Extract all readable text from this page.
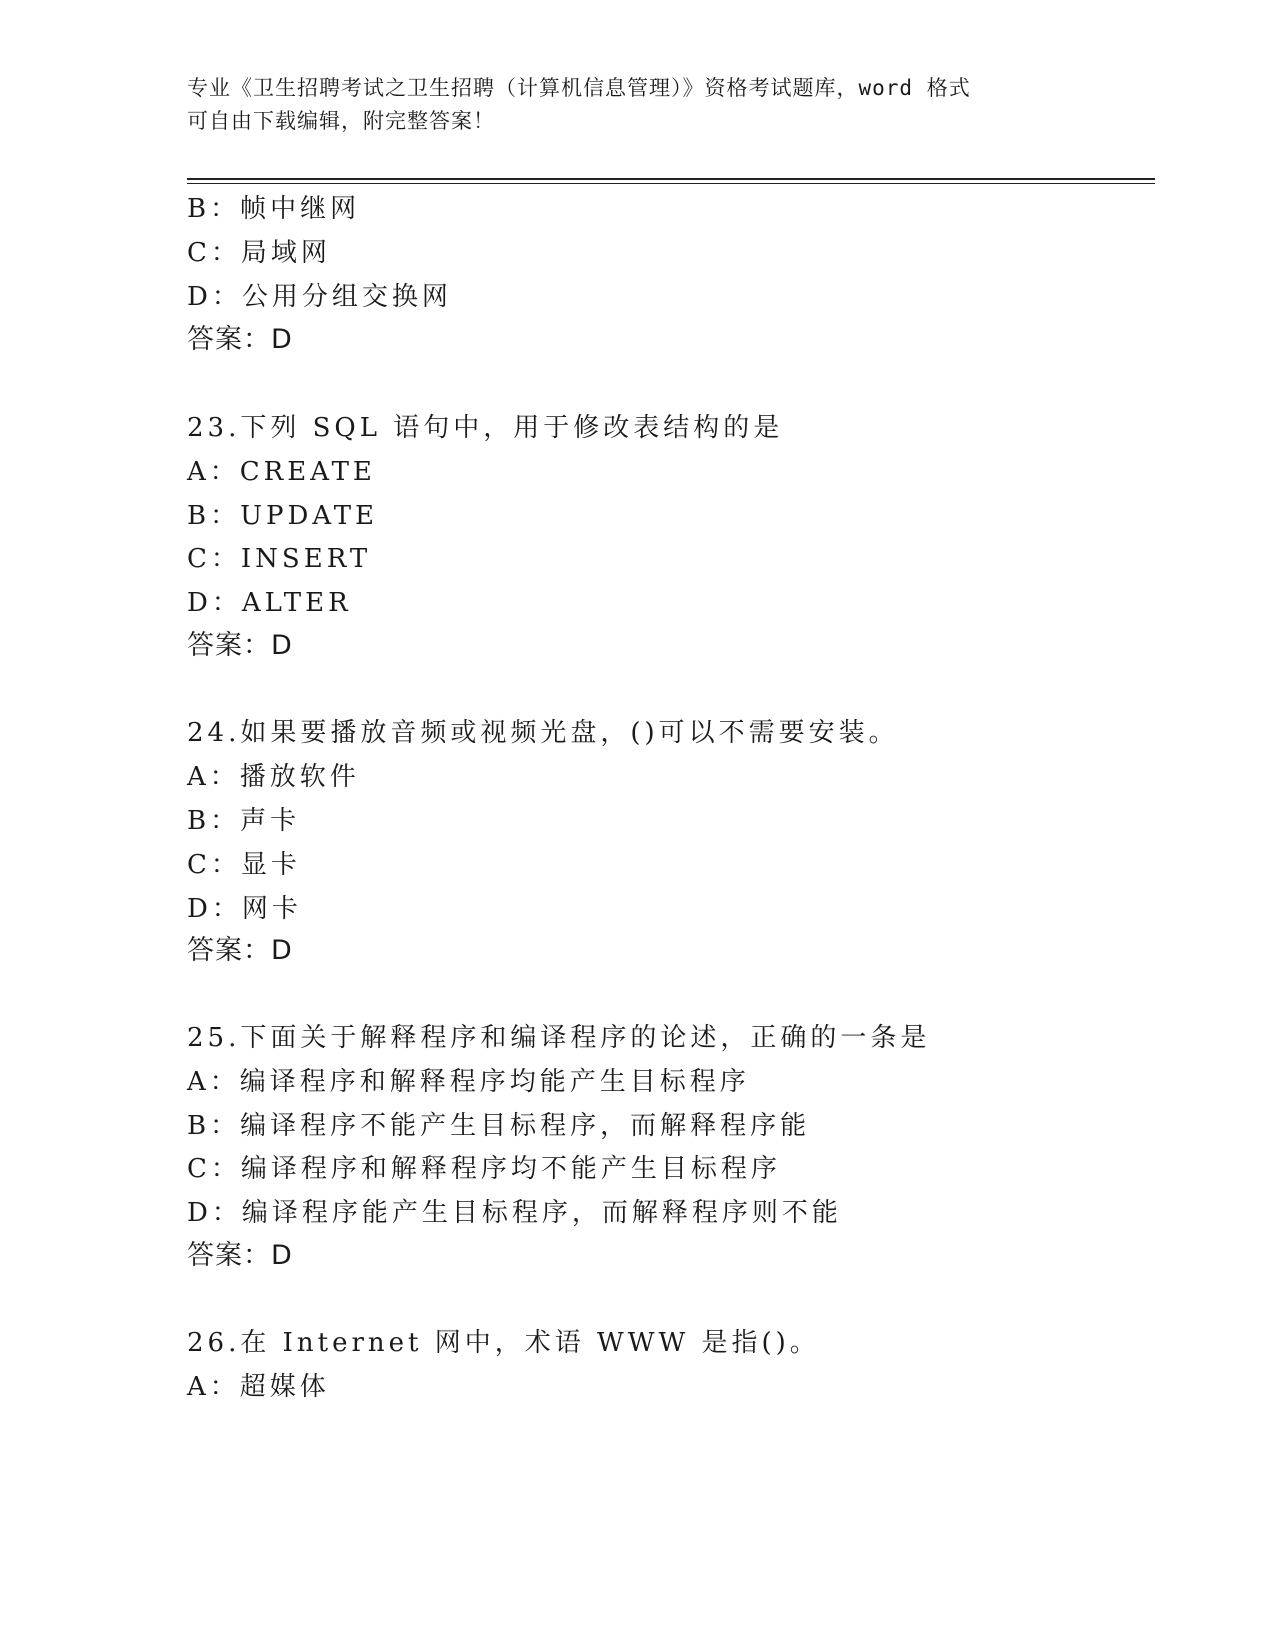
专业《卫生招聘考试之卫生招聘（计算机信息管理）》资格考试题库，word 格式
可自由下载编辑，附完整答案！
B：帧中继网
C：局域网
D：公用分组交换网
答案：D
23.下列 SQL 语句中，用于修改表结构的是
A：CREATE
B：UPDATE
C：INSERT
D：ALTER
答案：D
24.如果要播放音频或视频光盘，()可以不需要安装。
A：播放软件
B：声卡
C：显卡
D：网卡
答案：D
25.下面关于解释程序和编译程序的论述，正确的一条是
A：编译程序和解释程序均能产生目标程序
B：编译程序不能产生目标程序，而解释程序能
C：编译程序和解释程序均不能产生目标程序
D：编译程序能产生目标程序，而解释程序则不能
答案：D
26.在 Internet 网中，术语 WWW 是指()。
A：超媒体
